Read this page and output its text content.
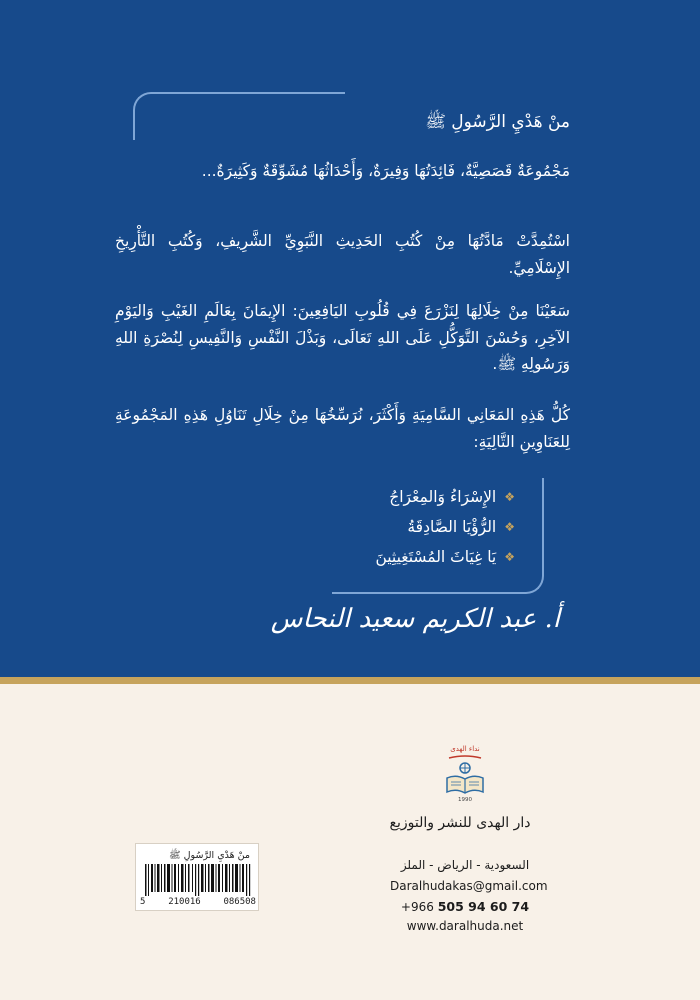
منْ هَدْيِ الرَّسُولِ ﷺ
مَجْمُوعَةٌ قَصَصِيَّةٌ، فَائِدَتُهَا وَفِيرَةٌ، وَأَحْدَاثُهَا مُشَوِّقَةٌ وَكَثِيرَةٌ...
اسْتُمِدَّتْ مَادَّتُهَا مِنْ كُتُبِ الحَدِيثِ النَّبَوِيِّ الشَّرِيفِ، وَكُتُبِ التَّأْرِيخِ الإِسْلَامِيِّ.
سَعَيْنَا مِنْ خِلَالِهَا لِنَزْرَعَ فِي قُلُوبِ اليَافِعِينَ: الإِيمَانَ بِعَالَمِ الغَيْبِ وَاليَوْمِ الآخِرِ، وَحُسْنَ التَّوَكُّلِ عَلَى اللهِ تَعَالَى، وَبَذْلَ النَّفْسِ وَالنَّفِيسِ لِنُصْرَةِ اللهِ وَرَسُولِهِ ﷺ.
كُلُّ هَذِهِ المَعَانِي السَّامِيَةِ وَأَكْثَرَ، نُرَسِّخُهَا مِنْ خِلَالِ تَنَاوُلِ هَذِهِ المَجْمُوعَةِ لِلعَنَاوِينِ التَّالِيَةِ:
❖
الإِسْرَاءُ وَالمِعْرَاجُ
❖
الرُّؤْيَا الصَّادِقَةُ
❖
يَا غِيَاثَ المُسْتَغِيثِينَ
أ. عبد الكريم سعيد النحاس
منْ هَدْيِ الرَّسُولِ ﷺ
5	210016	086508
نداء الهدى
1990
دار الهدى للنشر والتوزيع
السعودية - الرياض - الملز
Daralhudakas@gmail.com
+966 505 94 60 74
www.daralhuda.net
